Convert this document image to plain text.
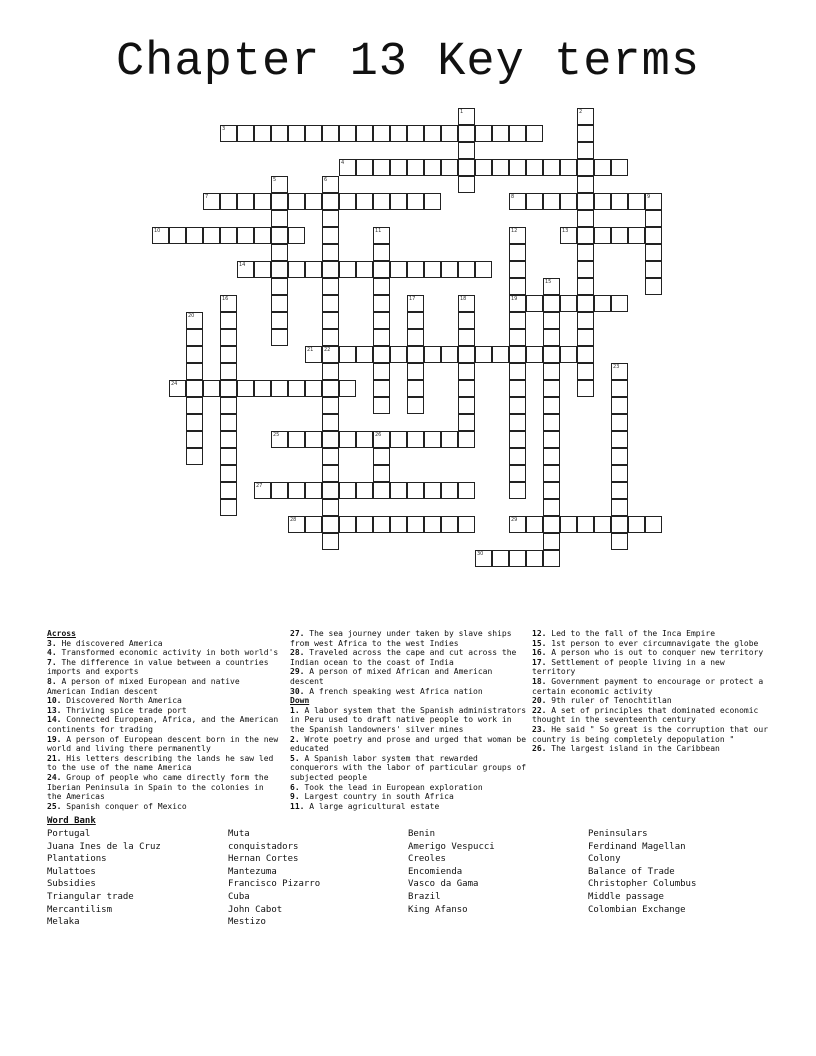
Chapter 13 Key terms
1	2
3
4
5	6
22
7	8	9
10	11	12
19
13
14
15
16	17	18
20
21
23
24
25	26
27
28	29
30
Across
3. He discovered America
4. Transformed economic activity in both world's
7. The difference in value between a countries imports and exports
8. A person of mixed European and native American Indian descent
10. Discovered North America
13. Thriving spice trade port
14. Connected European, Africa, and the American continents for trading
19. A person of European descent born in the new world and living there permanently
21. His letters describing the lands he saw led to the use of the name America
24. Group of people who came directly form the Iberian Peninsula in Spain to the colonies in the Americas
25. Spanish conquer of Mexico
27. The sea journey under taken by slave ships from west Africa to the west Indies
28. Traveled across the cape and cut across the Indian ocean to the coast of India
29. A person of mixed African and American descent
30. A french speaking west Africa nation
Down
1. A labor system that the Spanish administrators in Peru used to draft native people to work in the Spanish landowners' silver mines
2. Wrote poetry and prose and urged that woman be educated
5. A Spanish labor system that rewarded conquerors with the labor of particular groups of subjected people
6. Took the lead in European exploration
9. Largest country in south Africa
11. A large agricultural estate
12. Led to the fall of the Inca Empire
15. 1st person to ever circumnavigate the globe
16. A person who is out to conquer new territory
17. Settlement of people living in a new territory
18. Government payment to encourage or protect a certain economic activity
20. 9th ruler of Tenochtitlan
22. A set of principles that dominated economic thought in the seventeenth century
23. He said " So great is the corruption that our country is being completely depopulation "
26. The largest island in the Caribbean
Word Bank
Portugal
Juana Ines de la Cruz
Plantations
Mulattoes
Subsidies
Triangular trade
Mercantilism
Melaka
Muta
conquistadors
Hernan Cortes
Mantezuma
Francisco Pizarro
Cuba
John Cabot
Mestizo
Benin
Amerigo Vespucci
Creoles
Encomienda
Vasco da Gama
Brazil
King Afanso
Peninsulars
Ferdinand Magellan
Colony
Balance of Trade
Christopher Columbus
Middle passage
Colombian Exchange
